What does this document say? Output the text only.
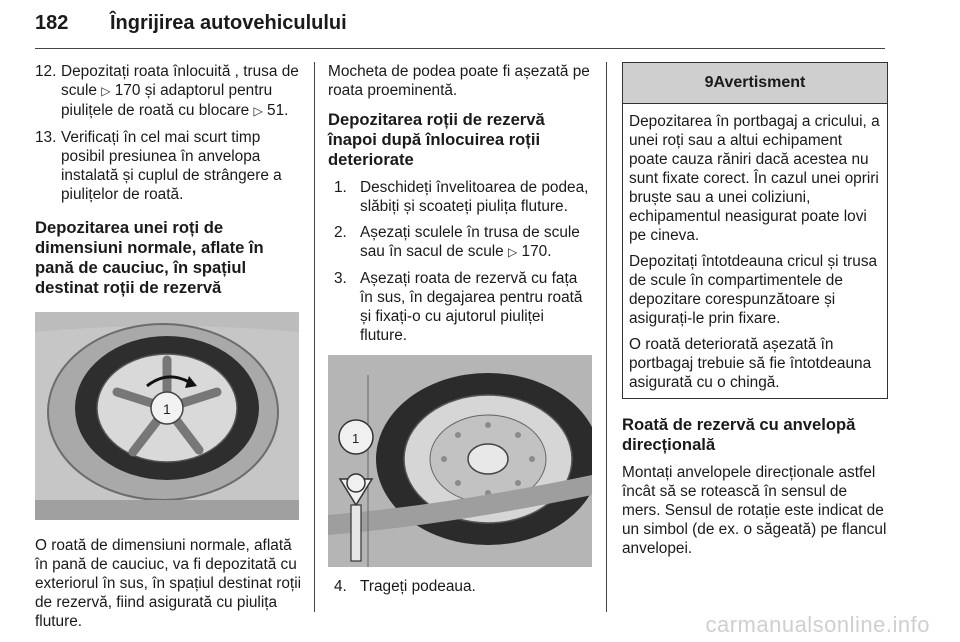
182 Îngrijirea autovehiculului
12. Depozitați roata înlocuită , trusa de scule ▷ 170 și adaptorul pentru piulițele de roată cu blocare ▷ 51.
13. Verificați în cel mai scurt timp posibil presiunea în anvelopa instalată și cuplul de strângere a piulițelor de roată.
Depozitarea unei roți de dimensiuni normale, aflate în pană de cauciuc, în spațiul destinat roții de rezervă
1

O roată de dimensiuni normale, aflată în pană de cauciuc, va fi depozitată cu exteriorul în sus, în spațiul destinat roții de rezervă, fiind asigurată cu piulița fluture.

Mocheta de podea poate fi așezată pe roata proeminentă.

Depozitarea roții de rezervă înapoi după înlocuirea roții deteriorate
1. Deschideți învelitoarea de podea, slăbiți și scoateți piulița fluture.
2. Așezați sculele în trusa de scule sau în sacul de scule ▷ 170.
3. Așezați roata de rezervă cu fața în sus, în degajarea pentru roată și fixați-o cu ajutorul piuliței fluture.
1
4. Trageți podeaua.
9Avertisment

Depozitarea în portbagaj a cricului, a unei roți sau a altui echipament poate cauza răniri dacă acestea nu sunt fixate corect. În cazul unei opriri bruște sau a unei coliziuni, echipamentul neasigurat poate lovi pe cineva.

Depozitați întotdeauna cricul și trusa de scule în compartimentele de depozitare corespunzătoare și asigurați-le prin fixare.

O roată deteriorată așezată în portbagaj trebuie să fie întotdeauna asigurată cu o chingă.

Roată de rezervă cu anvelopă direcțională

Montați anvelopele direcționale astfel încât să se rotească în sensul de mers. Sensul de rotație este indicat de un simbol (de ex. o săgeată) pe flancul anvelopei.

carmanualsonline.info
